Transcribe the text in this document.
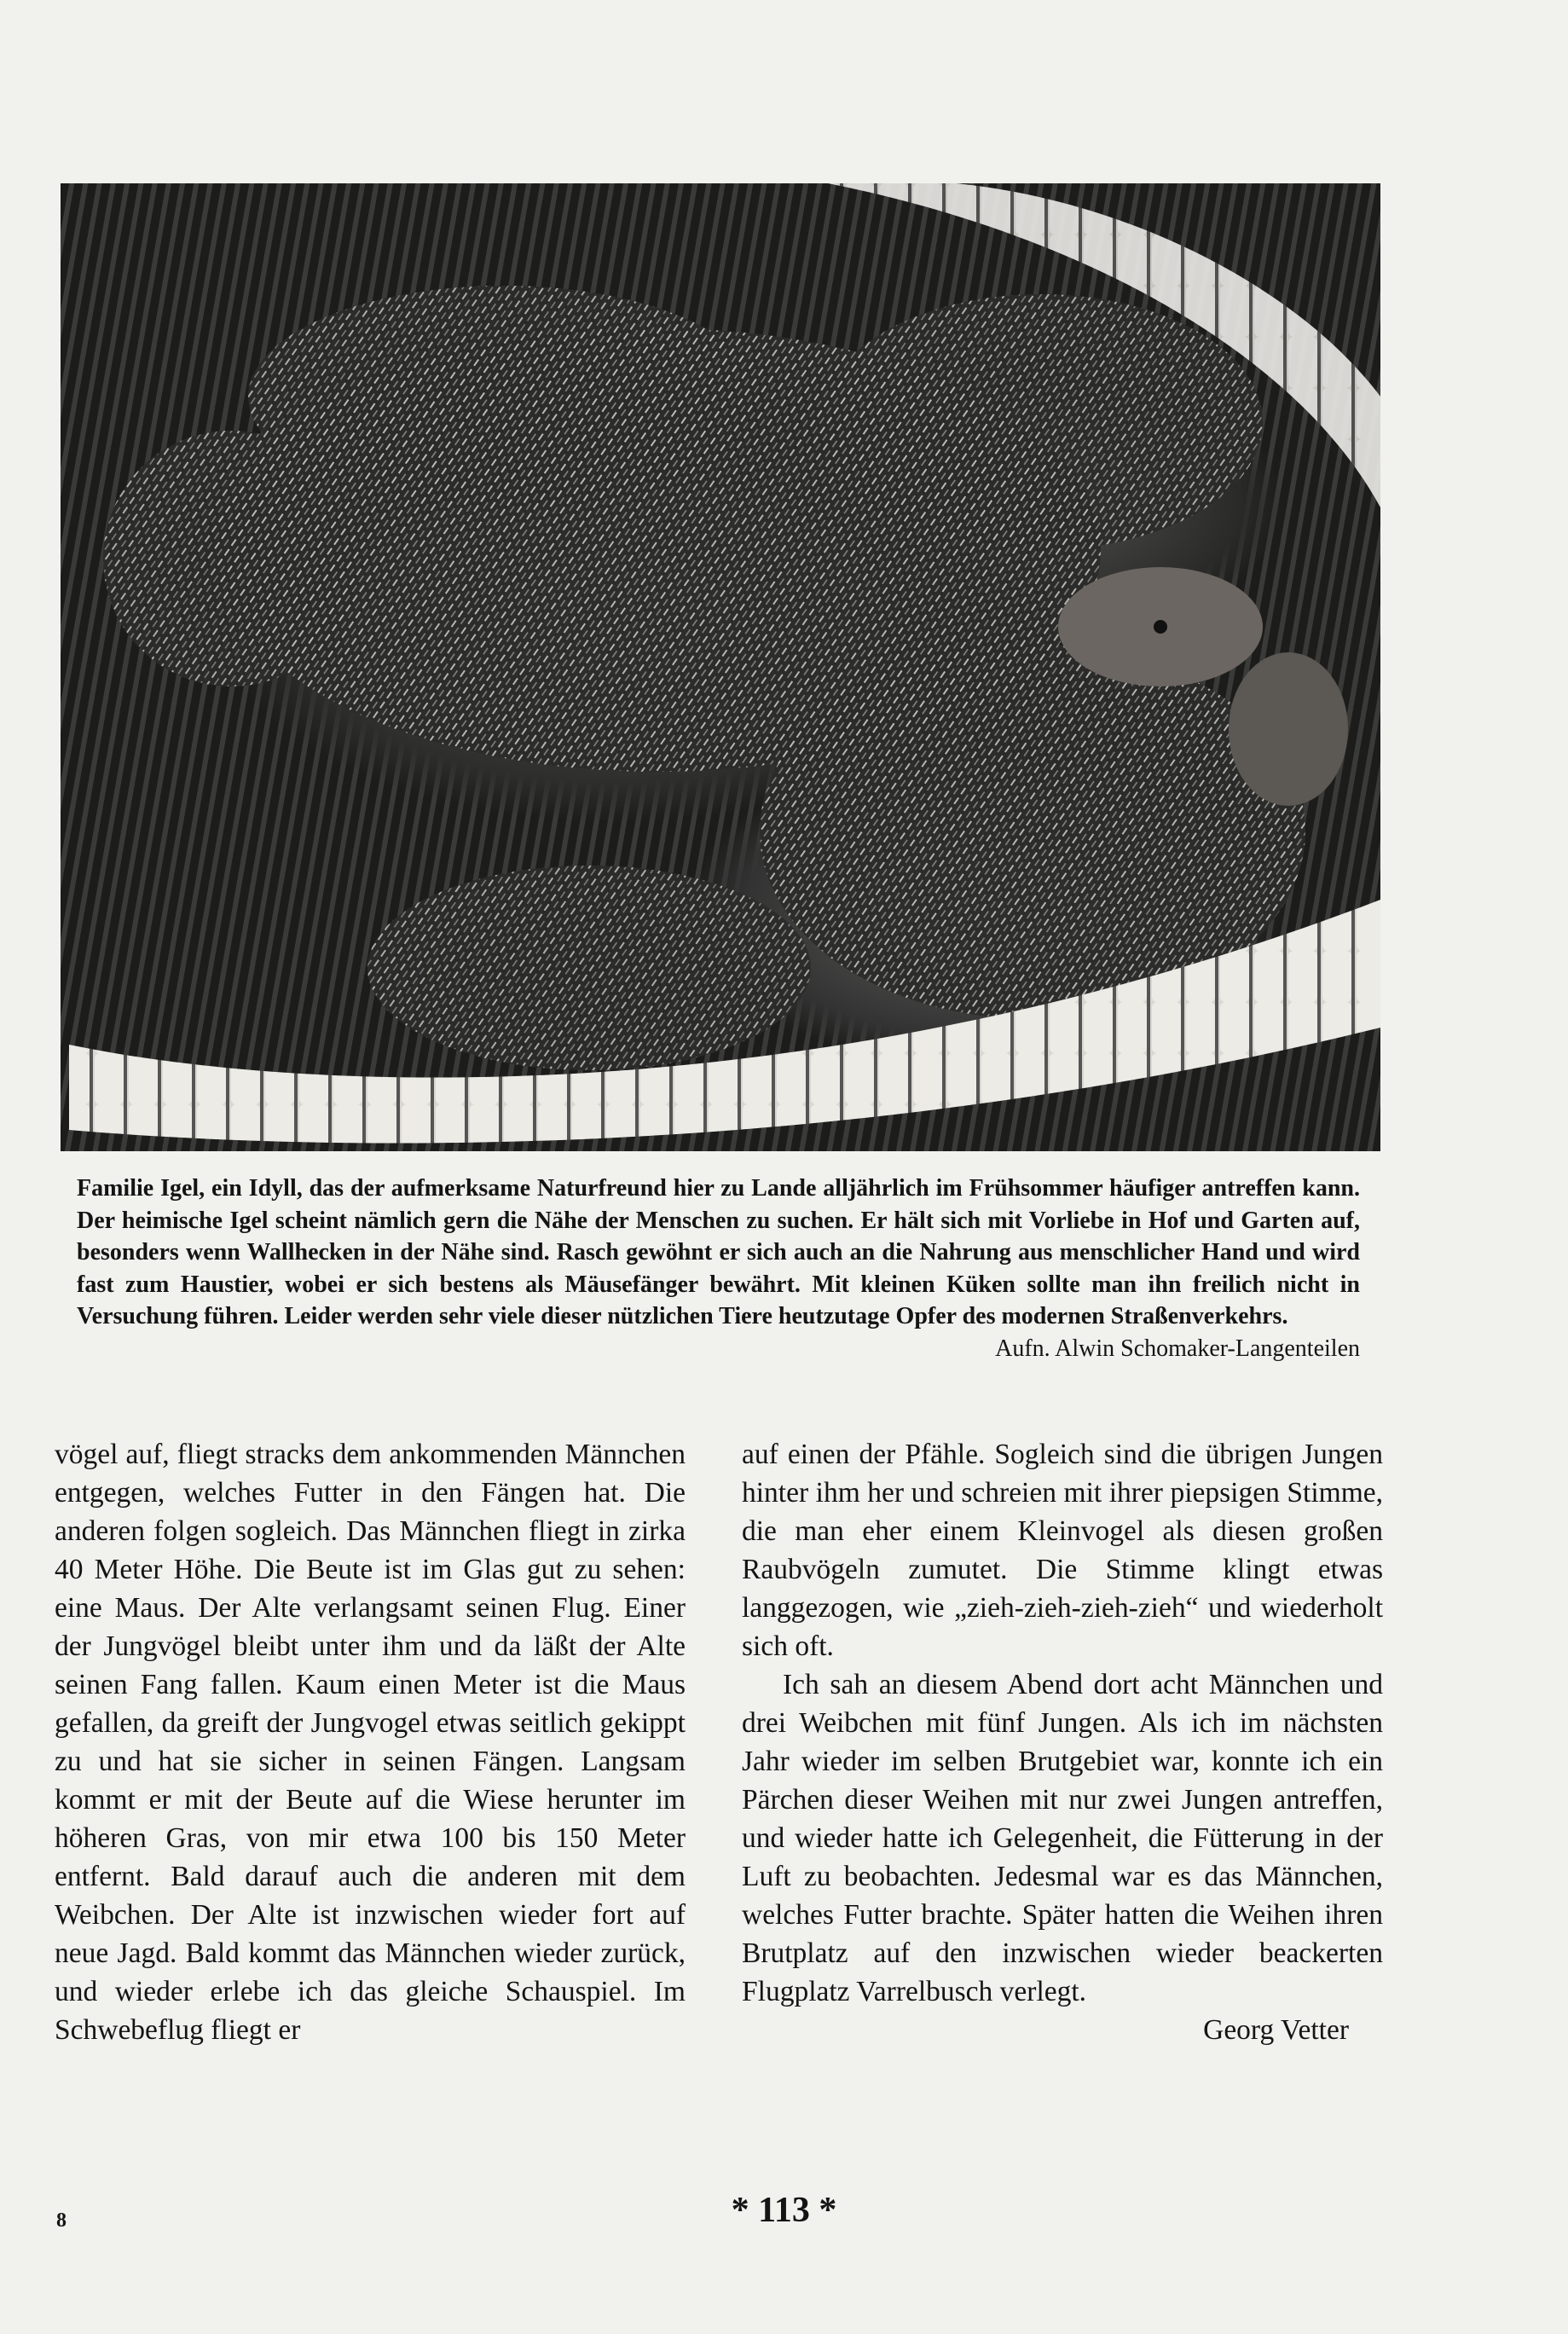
Familie Igel, ein Idyll, das der aufmerksame Naturfreund hier zu Lande alljährlich im Frühsommer häufiger antreffen kann. Der heimische Igel scheint nämlich gern die Nähe der Menschen zu suchen. Er hält sich mit Vorliebe in Hof und Garten auf, besonders wenn Wallhecken in der Nähe sind. Rasch gewöhnt er sich auch an die Nahrung aus menschlicher Hand und wird fast zum Haustier, wobei er sich bestens als Mäusefänger bewährt. Mit kleinen Küken sollte man ihn freilich nicht in Versuchung führen. Leider werden sehr viele dieser nützlichen Tiere heutzutage Opfer des modernen Straßenverkehrs.
Aufn. Alwin Schomaker-Langenteilen

vögel auf, fliegt stracks dem ankommenden Männchen entgegen, welches Futter in den Fängen hat. Die anderen folgen sogleich. Das Männchen fliegt in zirka 40 Meter Höhe. Die Beute ist im Glas gut zu sehen: eine Maus. Der Alte verlangsamt seinen Flug. Einer der Jungvögel bleibt unter ihm und da läßt der Alte seinen Fang fallen. Kaum einen Meter ist die Maus gefallen, da greift der Jungvogel etwas seitlich gekippt zu und hat sie sicher in seinen Fängen. Langsam kommt er mit der Beute auf die Wiese herunter im höheren Gras, von mir etwa 100 bis 150 Meter entfernt. Bald darauf auch die anderen mit dem Weibchen. Der Alte ist inzwischen wieder fort auf neue Jagd. Bald kommt das Männchen wieder zurück, und wieder erlebe ich das gleiche Schauspiel. Im Schwebeflug fliegt er

auf einen der Pfähle. Sogleich sind die übrigen Jungen hinter ihm her und schreien mit ihrer piepsigen Stimme, die man eher einem Kleinvogel als diesen großen Raubvögeln zumutet. Die Stimme klingt etwas langgezogen, wie „zieh-zieh-zieh-zieh“ und wiederholt sich oft.

Ich sah an diesem Abend dort acht Männchen und drei Weibchen mit fünf Jungen. Als ich im nächsten Jahr wieder im selben Brutgebiet war, konnte ich ein Pärchen dieser Weihen mit nur zwei Jungen antreffen, und wieder hatte ich Gelegenheit, die Fütterung in der Luft zu beobachten. Jedesmal war es das Männchen, welches Futter brachte. Später hatten die Weihen ihren Brutplatz auf den inzwischen wieder beackerten Flugplatz Varrelbusch verlegt.

Georg Vetter

8	* 113 *
